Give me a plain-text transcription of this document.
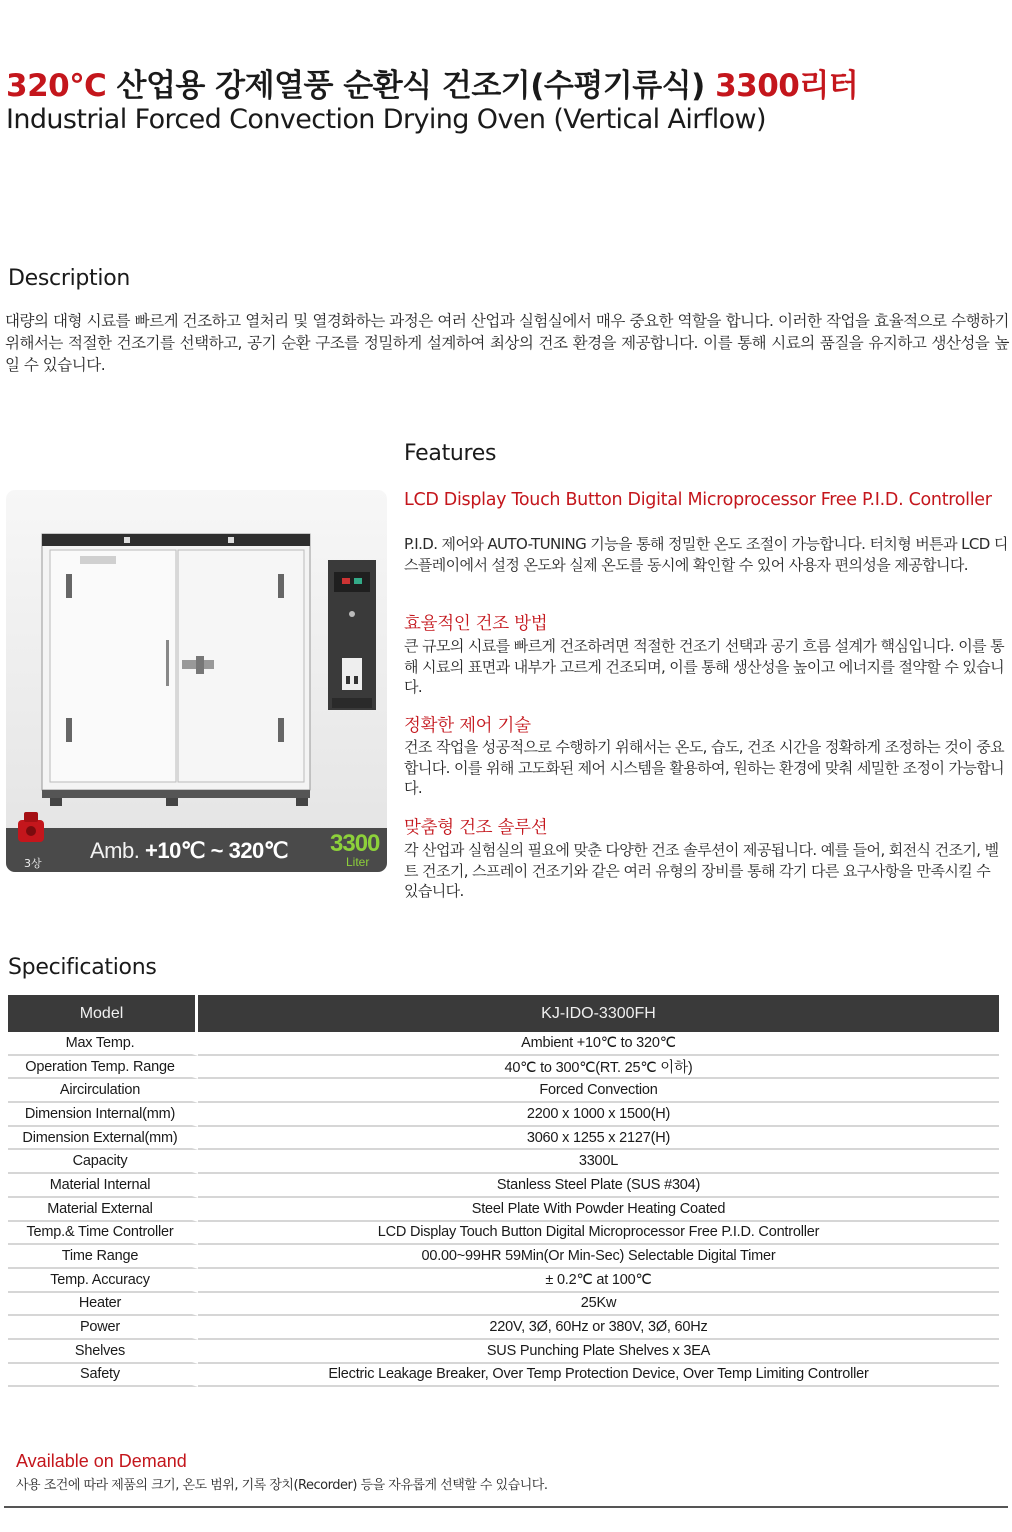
320℃ 산업용 강제열풍 순환식 건조기(수평기류식) 3300리터
Industrial Forced Convection Drying Oven (Vertical Airflow)
Description
대량의 대형 시료를 빠르게 건조하고 열처리 및 열경화하는 과정은 여러 산업과 실험실에서 매우 중요한 역할을 합니다. 이러한 작업을 효율적으로 수행하기 위해서는 적절한 건조기를 선택하고, 공기 순환 구조를 정밀하게 설계하여 최상의 건조 환경을 제공합니다. 이를 통해 시료의 품질을 유지하고 생산성을 높일 수 있습니다.
Features
3상
Amb. +10℃ ~ 320℃ 3300
Liter
LCD Display Touch Button Digital Microprocessor Free P.I.D. Controller
P.I.D. 제어와 AUTO-TUNING 기능을 통해 정밀한 온도 조절이 가능합니다. 터치형 버튼과 LCD 디스플레이에서 설정 온도와 실제 온도를 동시에 확인할 수 있어 사용자 편의성을 제공합니다.
효율적인 건조 방법
큰 규모의 시료를 빠르게 건조하려면 적절한 건조기 선택과 공기 흐름 설계가 핵심입니다. 이를 통해 시료의 표면과 내부가 고르게 건조되며, 이를 통해 생산성을 높이고 에너지를 절약할 수 있습니다.
정확한 제어 기술
건조 작업을 성공적으로 수행하기 위해서는 온도, 습도, 건조 시간을 정확하게 조정하는 것이 중요합니다. 이를 위해 고도화된 제어 시스템을 활용하여, 원하는 환경에 맞춰 세밀한 조정이 가능합니다.
맞춤형 건조 솔루션
각 산업과 실험실의 필요에 맞춘 다양한 건조 솔루션이 제공됩니다. 예를 들어, 회전식 건조기, 벨트 건조기, 스프레이 건조기와 같은 여러 유형의 장비를 통해 각기 다른 요구사항을 만족시킬 수 있습니다.
Specifications
Model	KJ-IDO-3300FH
Max Temp.	Ambient +10℃ to 320℃
Operation Temp. Range	40℃ to 300℃(RT. 25℃ 이하)
Aircirculation	Forced Convection
Dimension Internal(mm)	2200 x 1000 x 1500(H)
Dimension External(mm)	3060 x 1255 x 2127(H)
Capacity	3300L
Material Internal	Stanless Steel Plate (SUS #304)
Material External	Steel Plate With Powder Heating Coated
Temp.& Time Controller	LCD Display Touch Button Digital Microprocessor Free P.I.D. Controller
Time Range	00.00~99HR 59Min(Or Min-Sec) Selectable Digital Timer
Temp. Accuracy	± 0.2℃ at 100℃
Heater	25Kw
Power	220V, 3Ø, 60Hz or 380V, 3Ø, 60Hz
Shelves	SUS Punching Plate Shelves x 3EA
Safety	Electric Leakage Breaker, Over Temp Protection Device, Over Temp Limiting Controller
Available on Demand
사용 조건에 따라 제품의 크기, 온도 범위, 기록 장치(Recorder) 등을 자유롭게 선택할 수 있습니다.
